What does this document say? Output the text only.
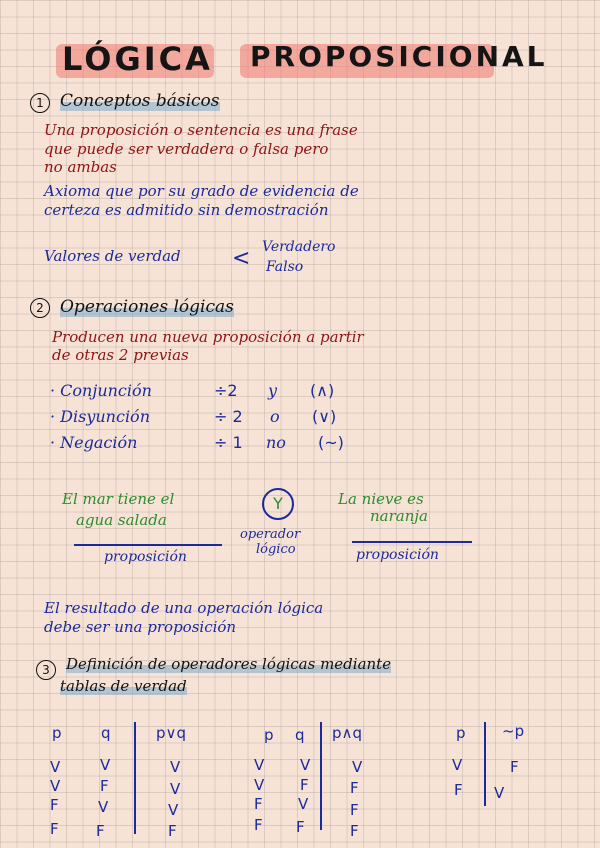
LÓGICA PROPOSICIONAL
1 Conceptos básicos
Una proposición o sentencia es una frase
que puede ser verdadera o falsa pero
no ambas
Axioma que por su grado de evidencia de
certeza es admitido sin demostración
Valores de verdad < Verdadero
Falso
2 Operaciones lógicas
Producen una nueva proposición a partir
de otras 2 previas
· Conjunción	÷2 y (∧)
· Disyunción	÷ 2 o (∨)
· Negación	÷ 1 no (~)
El mar tiene el
agua salada
Y	La nieve es
naranja
proposición
operador
lógico	proposición
El resultado de una operación lógica
debe ser una proposición
3	Definición de operadores lógicas mediante
tablas de verdad
p	q	p∨q
V	V	V
V	F	V
F	V	V
F F	F
p q p∧q
V V	V
V F	F
F V	F
F F	F
p ~p
V	F
F V
